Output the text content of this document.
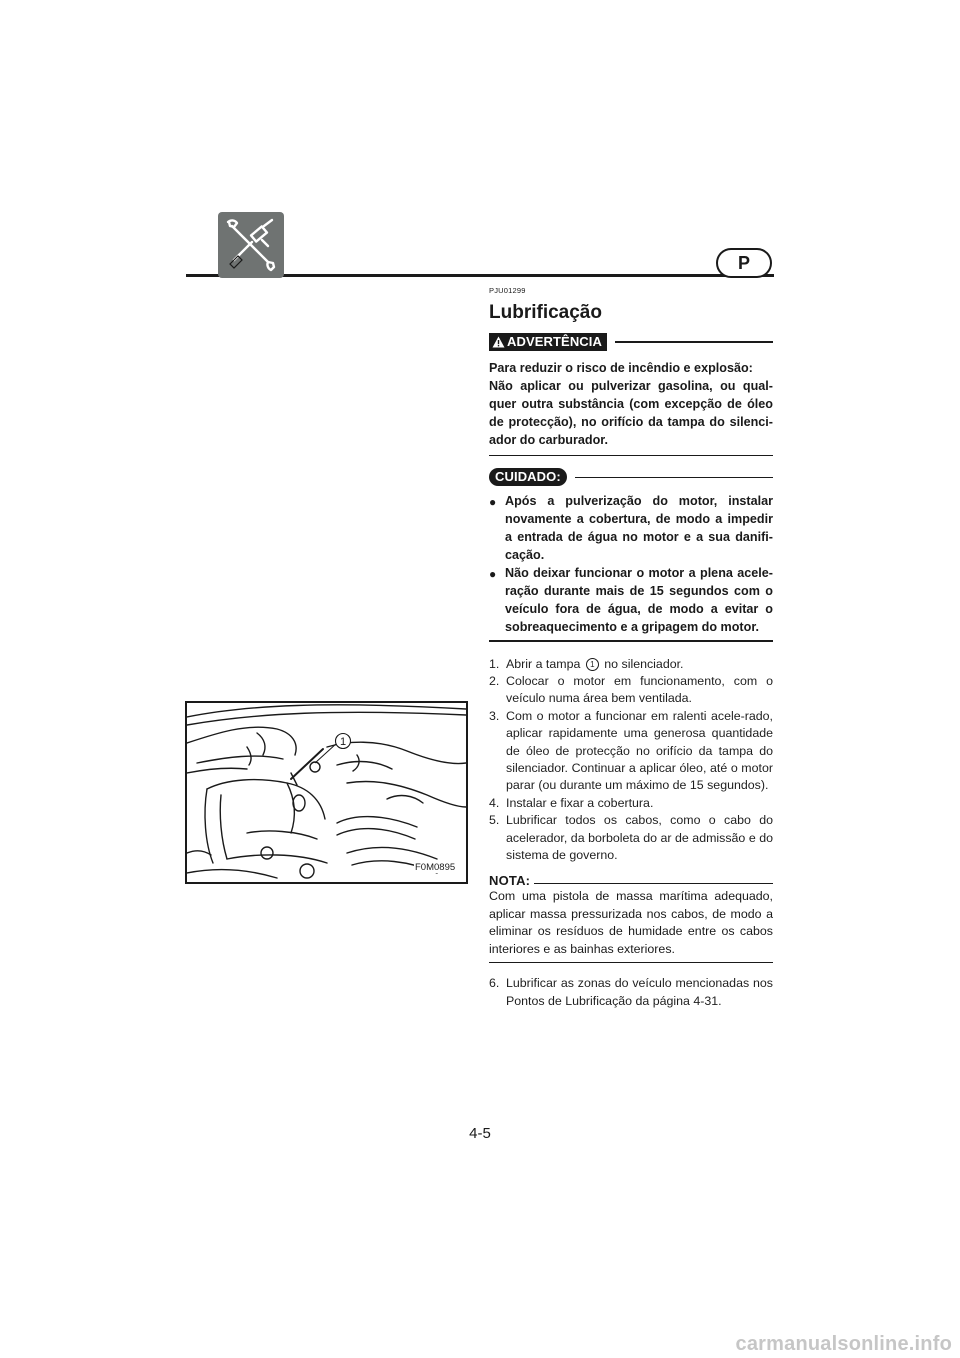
P

PJU01299

Lubrificação
ADVERTÊNCIA

Para reduzir o risco de incêndio e explosão:

Não aplicar ou pulverizar gasolina, ou qual-quer outra substância (com excepção de óleo de protecção), no orifício da tampa do silenci-ador do carburador.

CUIDADO:
● Após a pulverização do motor, instalar novamente a cobertura, de modo a impedir a entrada de água no motor e a sua danifi-cação.
● Não deixar funcionar o motor a plena acele-ração durante mais de 15 segundos com o veículo fora de água, de modo a evitar o sobreaquecimento e a gripagem do motor.
1. Abrir a tampa 1 no silenciador.
2. Colocar o motor em funcionamento, com o veículo numa área bem ventilada.
3. Com o motor a funcionar em ralenti acele-rado, aplicar rapidamente uma generosa quantidade de óleo de protecção no orifício da tampa do silenciador. Continuar a aplicar óleo, até o motor parar (ou durante um máximo de 15 segundos).
4. Instalar e fixar a cobertura.
5. Lubrificar todos os cabos, como o cabo do acelerador, da borboleta do ar de admissão e do sistema de governo.
NOTA:

Com uma pistola de massa marítima adequado, aplicar massa pressurizada nos cabos, de modo a eliminar os resíduos de humidade entre os cabos interiores e as bainhas exteriores.

6. Lubrificar as zonas do veículo mencionadas nos Pontos de Lubrificação da página 4-31.
1
F0M0895
4-5
carmanualsonline.info
